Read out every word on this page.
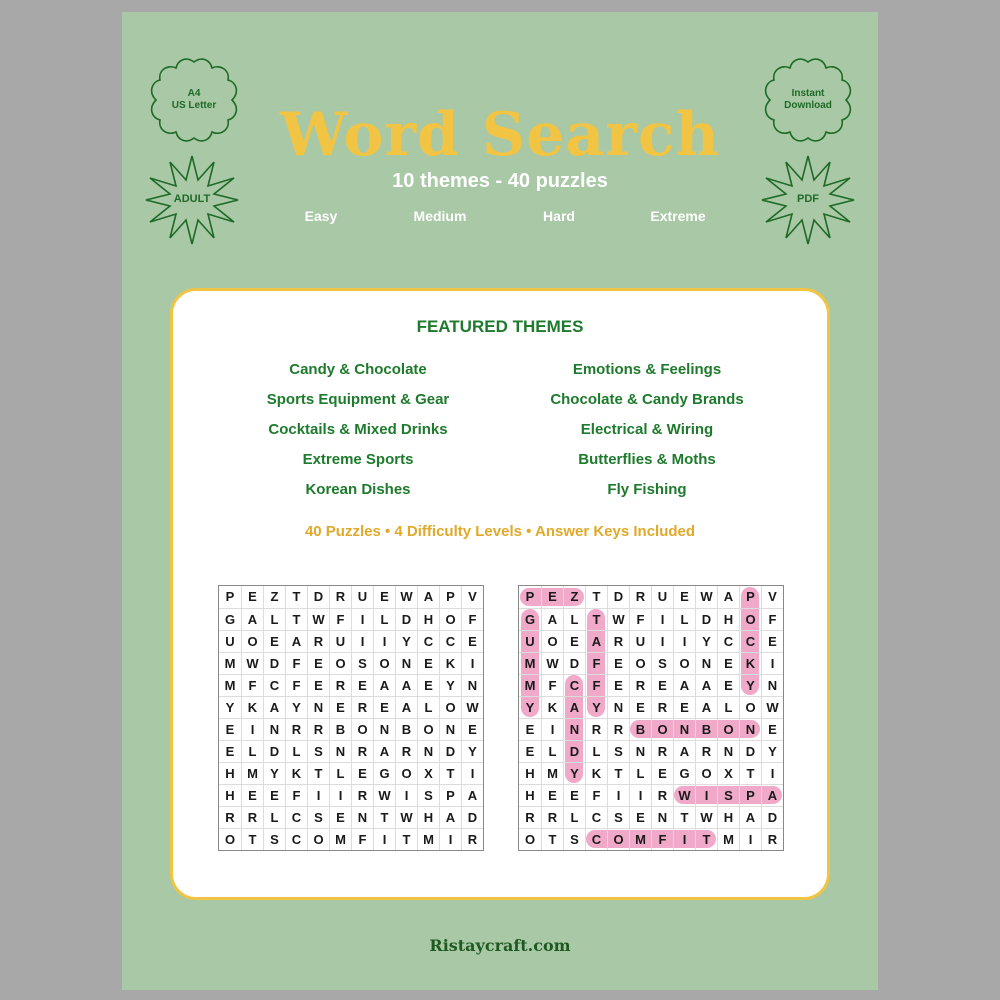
A4
US Letter
Instant
Download
ADULT	PDF
Word Search
10 themes - 40 puzzles
Easy	Medium	Hard	Extreme
FEATURED THEMES
Candy & Chocolate
Sports Equipment & Gear
Cocktails & Mixed Drinks
Extreme Sports
Korean Dishes
Emotions & Feelings
Chocolate & Candy Brands
Electrical & Wiring
Butterflies & Moths
Fly Fishing
40 Puzzles • 4 Difficulty Levels • Answer Keys Included
P	E	Z	T	D R U E W A P	V
G A	L	T W F	I	L	D H O F
U O E A R U	I	I	Y C C E
M W D	F	E O S O N E K	I
M	F	C	F	E R E A A E	Y N
Y	K A Y N E R E A	L O W
E	I	N R R B O N B O N E
E	L	D	L	S N R A R N D Y
H M Y K	T	L	E G O X	T	I
H	E	E	F	I	I	R W	I	S	P A
R	R	L	C S	E N	T W H A D
O	T	S C O M F	I	T M	I	R
P	E	Z	T	D R U E W A P	V
G A	L	T W F	I	L	D H O F
U O E A R U	I	I	Y C C E
M W D	F	E O S O N E K	I
M	F	C	F	E R E A A E	Y N
Y	K A Y N E R E A	L O W
E	I	N R R B O N B O N E
E	L	D	L	S N R A R N D Y
H M Y K	T	L	E G O X	T	I
H	E	E	F	I	I	R W	I	S	P A
R	R	L	C S	E N	T W H A D
O	T	S C O M F	I	T M	I	R
Ristaycraft.com
